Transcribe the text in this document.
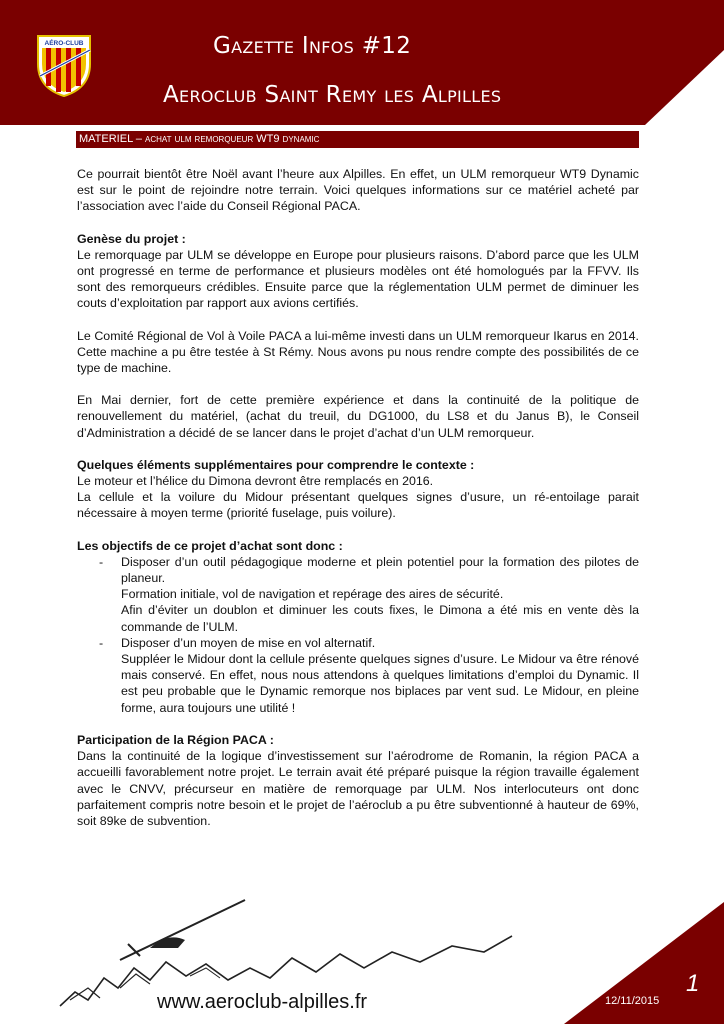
AÉRO-CLUB	Gazette Infos #12
Aeroclub Saint Remy les Alpilles
MATERIEL – achat ulm remorqueur WT9 dynamic

Ce pourrait bientôt être Noël avant l’heure aux Alpilles. En effet, un ULM remorqueur WT9 Dynamic est sur le point de rejoindre notre terrain. Voici quelques informations sur ce matériel acheté par l’association avec l’aide du Conseil Régional PACA.

Genèse du projet :

Le remorquage par ULM se développe en Europe pour plusieurs raisons. D’abord parce que les ULM ont progressé en terme de performance et plusieurs modèles ont été homologués par la FFVV. Ils sont des remorqueurs crédibles. Ensuite parce que la réglementation ULM permet de diminuer les couts d’exploitation par rapport aux avions certifiés.

Le Comité Régional de Vol à Voile PACA a lui-même investi dans un ULM remorqueur Ikarus en 2014. Cette machine a pu être testée à St Rémy. Nous avons pu nous rendre compte des possibilités de ce type de machine.

En Mai dernier, fort de cette première expérience et dans la continuité de la politique de renouvellement du matériel, (achat du treuil, du DG1000, du LS8 et du Janus B), le Conseil d’Administration a décidé de se lancer dans le projet d’achat d’un ULM remorqueur.

Quelques éléments supplémentaires pour comprendre le contexte :

Le moteur et l’hélice du Dimona devront être remplacés en 2016.

La cellule et la voilure du Midour présentant quelques signes d’usure, un ré-entoilage parait nécessaire à moyen terme (priorité fuselage, puis voilure).

Les objectifs de ce projet d’achat sont donc :

- Disposer d’un outil pédagogique moderne et plein potentiel pour la formation des pilotes de planeur.
Formation initiale, vol de navigation et repérage des aires de sécurité.
Afin d’éviter un doublon et diminuer les couts fixes, le Dimona a été mis en vente dès la commande de l’ULM.
- Disposer d’un moyen de mise en vol alternatif.
Suppléer le Midour dont la cellule présente quelques signes d’usure. Le Midour va être rénové mais conservé. En effet, nous nous attendons à quelques limitations d’emploi du Dynamic. Il est peu probable que le Dynamic remorque nos biplaces par vent sud. Le Midour, en pleine forme, aura toujours une utilité !

Participation de la Région PACA :

Dans la continuité de la logique d’investissement sur l’aérodrome de Romanin, la région PACA a accueilli favorablement notre projet. Le terrain avait été préparé puisque la région travaille également avec le CNVV, précurseur en matière de remorquage par ULM. Nos interlocuteurs ont donc parfaitement compris notre besoin et le projet de l’aéroclub a pu être subventionné à hauteur de 69%, soit 89ke de subvention.

www.aeroclub-alpilles.fr	12/11/2015
1
